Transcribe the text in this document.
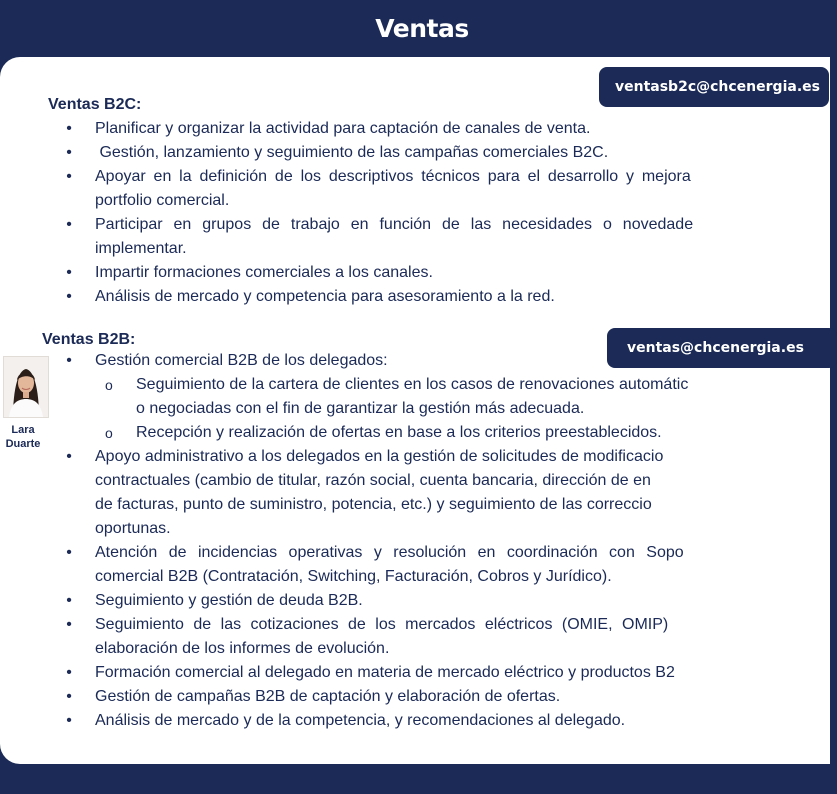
Ventas
ventasb2c@chcenergia.es

Ventas B2C:

• Planificar y organizar la actividad para captación de canales de venta.
• Gestión, lanzamiento y seguimiento de las campañas comerciales B2C.
• Apoyar en la definición de los descriptivos técnicos para el desarrollo y mejora
portfolio comercial.
• Participar en grupos de trabajo en función de las necesidades o novedade
implementar.
• Impartir formaciones comerciales a los canales.
• Análisis de mercado y competencia para asesoramiento a la red.

Ventas B2B:	ventas@chcenergia.es
Lara
Duarte
• Gestión comercial B2B de los delegados:
o Seguimiento de la cartera de clientes en los casos de renovaciones automátic
o negociadas con el fin de garantizar la gestión más adecuada.
o Recepción y realización de ofertas en base a los criterios preestablecidos.
• Apoyo administrativo a los delegados en la gestión de solicitudes de modificacio
contractuales (cambio de titular, razón social, cuenta bancaria, dirección de en
de facturas, punto de suministro, potencia, etc.) y seguimiento de las correccio
oportunas.
• Atención de incidencias operativas y resolución en coordinación con Sopo
comercial B2B (Contratación, Switching, Facturación, Cobros y Jurídico).
• Seguimiento y gestión de deuda B2B.
• Seguimiento de las cotizaciones de los mercados eléctricos (OMIE, OMIP)
elaboración de los informes de evolución.
• Formación comercial al delegado en materia de mercado eléctrico y productos B2
• Gestión de campañas B2B de captación y elaboración de ofertas.
• Análisis de mercado y de la competencia, y recomendaciones al delegado.
